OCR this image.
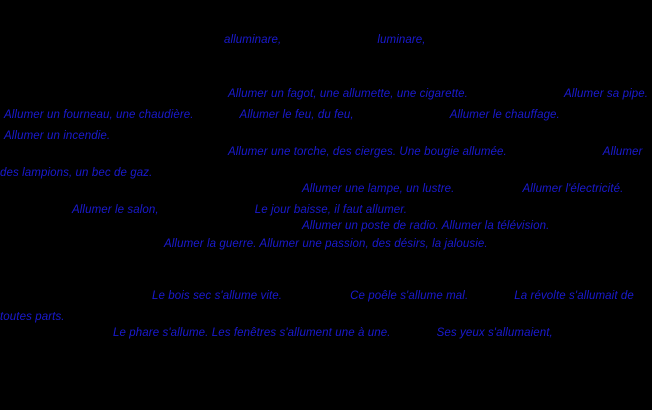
alluminare,	luminare,
Allumer un fagot, une allumette, une cigarette.	Allumer sa pipe.
Allumer un fourneau, une chaudière.	Allumer le feu, du feu,	Allumer le chauffage.
Allumer un incendie.
Allumer une torche, des cierges. Une bougie allumée.	Allumer
des lampions, un bec de gaz.
Allumer une lampe, un lustre.	Allumer l'électricité.
Allumer le salon,	Le jour baisse, il faut allumer.
Allumer un poste de radio. Allumer la télévision.
Allumer la guerre. Allumer une passion, des désirs, la jalousie.
Le bois sec s'allume vite.	Ce poêle s'allume mal.	La révolte s'allumait de
toutes parts.
Le phare s'allume. Les fenêtres s'allument une à une.	Ses yeux s'allumaient,
